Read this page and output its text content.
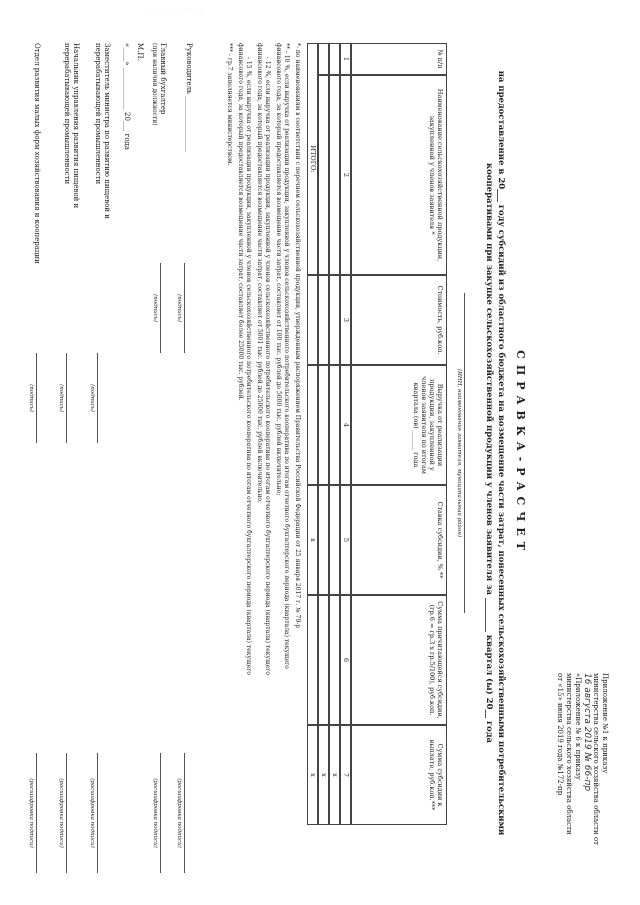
· · · · · · · ·
Приложение №1 к приказу
министерства сельского хозяйства области от
16 августа 2019 № 66-пр
«Приложение № 6 к приказу
министерства сельского хозяйства области
от «15» июня 2019 года №172-пр
СПРАВКА-РАСЧЕТ
на предоставление в 20___ году субсидий из областного бюджета на возмещение части затрат, понесенных сельскохозяйственными потребительскими
кооперативами при закупке сельскохозяйственной продукции у членов заявителя за ________ квартал (ы) 20__ года
(ИНН, наименование заявителя, муниципальный район)
№ п/п
Наименование сельскохозяйственной продукции, закупленной у членов заявителя *
Стоимость, руб.коп.
Выручка от реализации продукции, закупленной у членов заявителя по итогам квартала (ов) ______ года
Ставка субсидии, % **
Сумма причитающейся субсидии, (гр.6 = гр.3 х гр.5/100), руб.коп.
Сумма субсидии к выплате, руб.коп.***
1
2
3
4
5
6
7
х
х
ИТОГО:
х
х
*- по наименованиям в соответствии с перечнем сельскохозяйственной продукции, утвержденным распоряжением Правительства Российской Федерации от 25 января 2017 г. № 79-р
** - 10 %, если выручка от реализации продукции, закупленной у членов сельскохозяйственного потребительского кооператива по итогам отчетного бухгалтерского периода (квартала) текущего
финансового года, за который предоставляется возмещение части затрат, составляет от 100 тыс. рублей до 5000 тыс. рублей включительно;
- 12 %, если выручка от реализации продукции, закупленной у членов сельскохозяйственного потребительского кооператива по итогам отчетного бухгалтерского периода (квартала) текущего
финансового года, за который предоставляется возмещение части затрат, составляет от 5001 тыс. рублей до 25000 тыс. рублей включительно;
- 15 %, если выручка от реализации продукции, закупленной у членов сельскохозяйственного потребительского кооператива по итогам отчетного бухгалтерского периода (квартала) текущего
финансового года, за который предоставляется возмещение части затрат, составляет более 25000 тыс. рублей.
*** - гр.7 заполняется министерством.
Руководитель ________________
(подпись)
(расшифровка подписи)
Главный бухгалтер
(при наличии должности)
(подпись)
(расшифровка подписи)
М.П.
«____» ____________ 20___ года
Заместитель министра по развитию пищевой и
перерабатывающей промышленности
(подпись)
(расшифровка подписи)
Начальник управления развития пищевой и
перерабатывающей промышленности
(подпись)
(расшифровка подписи)
Отдел развития малых форм хозяйствования и кооперации
(подпись)
(расшифровка подписи)
